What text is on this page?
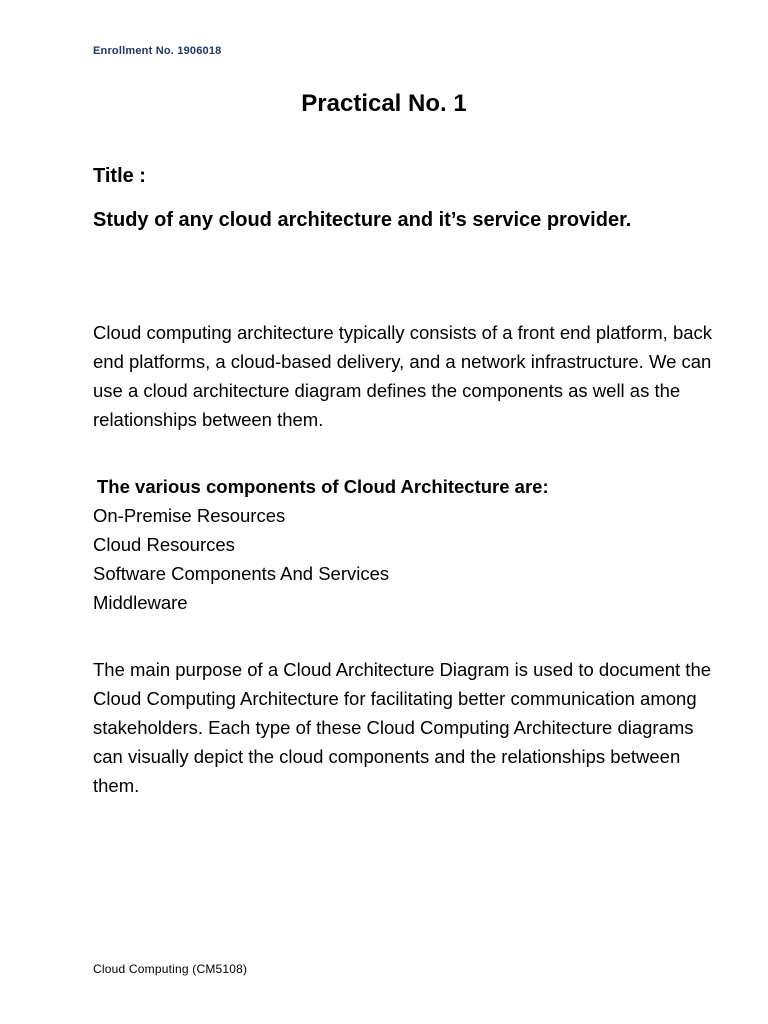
Enrollment No. 1906018
Practical No. 1
Title :
Study of any cloud architecture and it’s service provider.
Cloud computing architecture typically consists of a front end platform, back end platforms, a cloud-based delivery, and a network infrastructure. We can use a cloud architecture diagram defines the components as well as the relationships between them.
The various components of Cloud Architecture are:
On-Premise Resources
Cloud Resources
Software Components And Services
Middleware
The main purpose of a Cloud Architecture Diagram is used to document the Cloud Computing Architecture for facilitating better communication among stakeholders. Each type of these Cloud Computing Architecture diagrams can visually depict the cloud components and the relationships between them.
Cloud Computing (CM5108)
